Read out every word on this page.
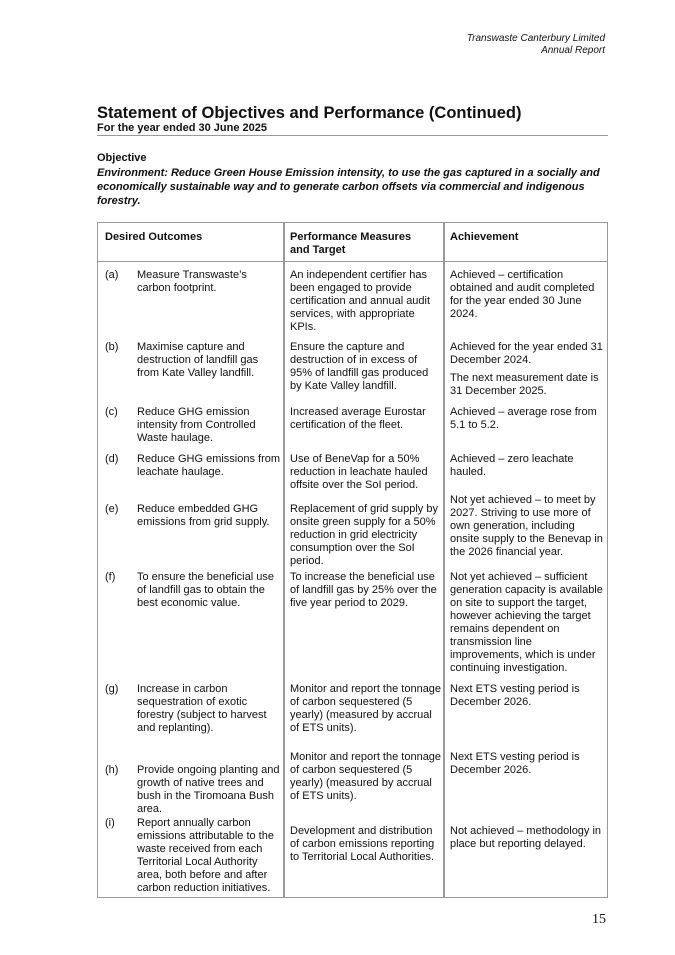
Transwaste Canterbury Limited
Annual Report
Statement of Objectives and Performance (Continued)
For the year ended 30 June 2025
Objective
Environment: Reduce Green House Emission intensity, to use the gas captured in a socially and economically sustainable way and to generate carbon offsets via commercial and indigenous forestry.
Desired Outcomes	Performance Measures and Target
Achievement
(a) Measure Transwaste’s carbon footprint.
An independent certifier has been engaged to provide certification and annual audit services, with appropriate KPIs.

Achieved – certification obtained and audit completed for the year ended 30 June 2024.

(b) Maximise capture and destruction of landfill gas from Kate Valley landfill.
Ensure the capture and destruction of in excess of 95% of landfill gas produced by Kate Valley landfill.

Achieved for the year ended 31 December 2024.

The next measurement date is 31 December 2025.

(c) Reduce GHG emission intensity from Controlled Waste haulage.
Increased average Eurostar certification of the fleet.

Achieved – average rose from 5.1 to 5.2.

(d) Reduce GHG emissions from leachate haulage.
Use of BeneVap for a 50% reduction in leachate hauled offsite over the SoI period.

Achieved – zero leachate hauled.

(e) Reduce embedded GHG emissions from grid supply.
Replacement of grid supply by onsite green supply for a 50% reduction in grid electricity consumption over the SoI period.

Not yet achieved – to meet by 2027. Striving to use more of own generation, including onsite supply to the Benevap in the 2026 financial year.

(f) To ensure the beneficial use of landfill gas to obtain the best economic value.
To increase the beneficial use of landfill gas by 25% over the five year period to 2029.

Not yet achieved – sufficient generation capacity is available on site to support the target, however achieving the target remains dependent on transmission line improvements, which is under continuing investigation.

(g) Increase in carbon sequestration of exotic forestry (subject to harvest and replanting).
Monitor and report the tonnage of carbon sequestered (5 yearly) (measured by accrual of ETS units).

Next ETS vesting period is December 2026.

(h) Provide ongoing planting and growth of native trees and bush in the Tiromoana Bush area.
Monitor and report the tonnage of carbon sequestered (5 yearly) (measured by accrual of ETS units).

Next ETS vesting period is December 2026.

(i) Report annually carbon emissions attributable to the waste received from each Territorial Local Authority area, both before and after carbon reduction initiatives.
Development and distribution of carbon emissions reporting to Territorial Local Authorities.

Not achieved – methodology in place but reporting delayed.

15
